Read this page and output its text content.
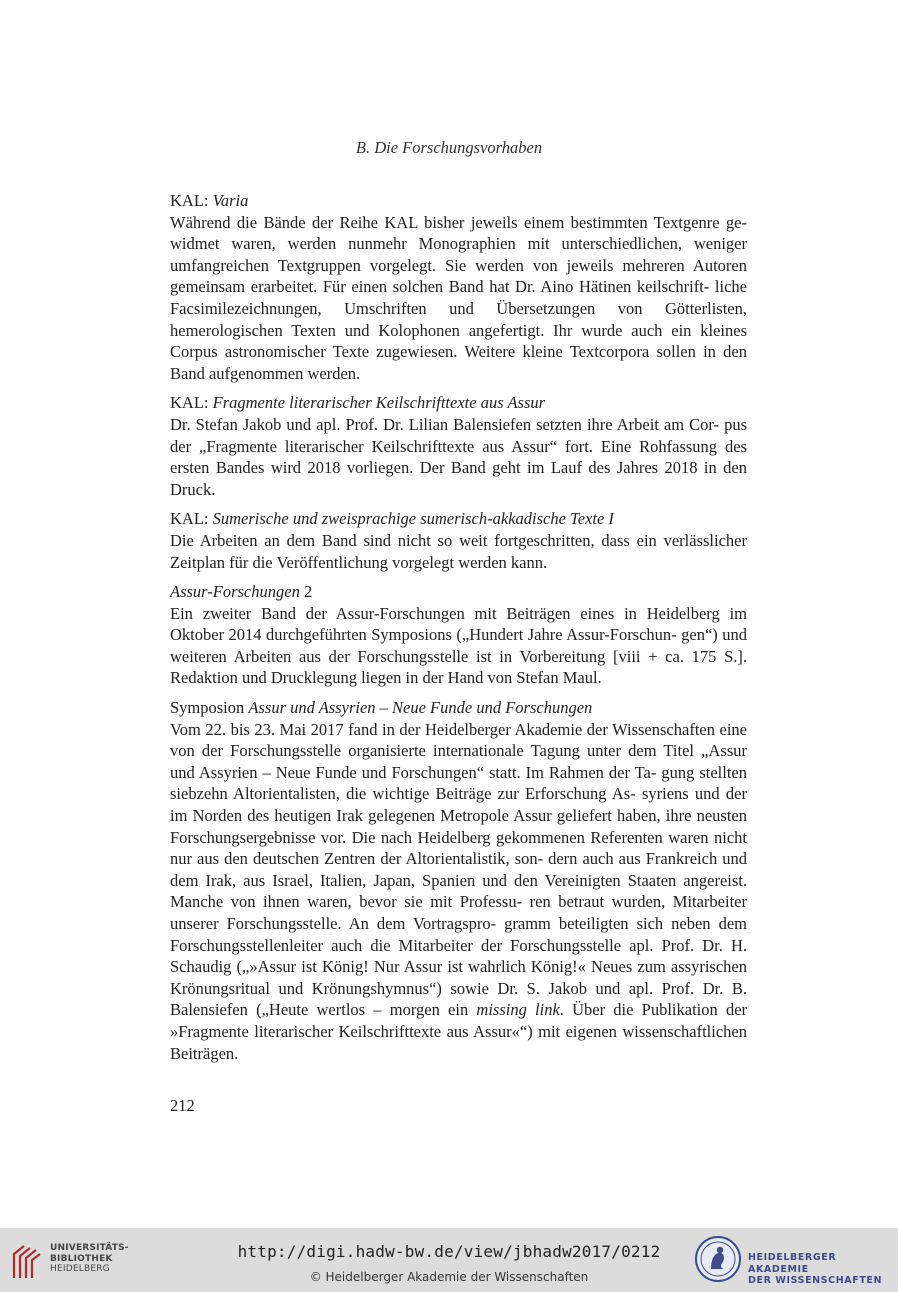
B. Die Forschungsvorhaben
KAL: Varia

Während die Bände der Reihe KAL bisher jeweils einem bestimmten Textgenre ge- widmet waren, werden nunmehr Monographien mit unterschiedlichen, weniger umfangreichen Textgruppen vorgelegt. Sie werden von jeweils mehreren Autoren gemeinsam erarbeitet. Für einen solchen Band hat Dr. Aino Hätinen keilschrift- liche Facsimilezeichnungen, Umschriften und Übersetzungen von Götterlisten, hemerologischen Texten und Kolophonen angefertigt. Ihr wurde auch ein kleines Corpus astronomischer Texte zugewiesen. Weitere kleine Textcorpora sollen in den Band aufgenommen werden.

KAL: Fragmente literarischer Keilschrifttexte aus Assur

Dr. Stefan Jakob und apl. Prof. Dr. Lilian Balensiefen setzten ihre Arbeit am Cor- pus der „Fragmente literarischer Keilschrifttexte aus Assur“ fort. Eine Rohfassung des ersten Bandes wird 2018 vorliegen. Der Band geht im Lauf des Jahres 2018 in den Druck.

KAL: Sumerische und zweisprachige sumerisch-akkadische Texte I

Die Arbeiten an dem Band sind nicht so weit fortgeschritten, dass ein verlässlicher Zeitplan für die Veröffentlichung vorgelegt werden kann.

Assur-Forschungen 2

Ein zweiter Band der Assur-Forschungen mit Beiträgen eines in Heidelberg im Oktober 2014 durchgeführten Symposions („Hundert Jahre Assur-Forschun- gen“) und weiteren Arbeiten aus der Forschungsstelle ist in Vorbereitung [viii + ca. 175 S.]. Redaktion und Drucklegung liegen in der Hand von Stefan Maul.

Symposion Assur und Assyrien – Neue Funde und Forschungen

Vom 22. bis 23. Mai 2017 fand in der Heidelberger Akademie der Wissenschaften eine von der Forschungsstelle organisierte internationale Tagung unter dem Titel „Assur und Assyrien – Neue Funde und Forschungen“ statt. Im Rahmen der Ta- gung stellten siebzehn Altorientalisten, die wichtige Beiträge zur Erforschung As- syriens und der im Norden des heutigen Irak gelegenen Metropole Assur geliefert haben, ihre neusten Forschungsergebnisse vor. Die nach Heidelberg gekommenen Referenten waren nicht nur aus den deutschen Zentren der Altorientalistik, son- dern auch aus Frankreich und dem Irak, aus Israel, Italien, Japan, Spanien und den Vereinigten Staaten angereist. Manche von ihnen waren, bevor sie mit Professu- ren betraut wurden, Mitarbeiter unserer Forschungsstelle. An dem Vortragspro- gramm beteiligten sich neben dem Forschungsstellenleiter auch die Mitarbeiter der Forschungsstelle apl. Prof. Dr. H. Schaudig („»Assur ist König! Nur Assur ist wahrlich König!« Neues zum assyrischen Krönungsritual und Krönungshymnus“) sowie Dr. S. Jakob und apl. Prof. Dr. B. Balensiefen („Heute wertlos – morgen ein missing link. Über die Publikation der »Fragmente literarischer Keilschrifttexte aus Assur«“) mit eigenen wissenschaftlichen Beiträgen.

212
UNIVERSITÄTS-
BIBLIOTHEK
HEIDELBERG
http://digi.hadw-bw.de/view/jbhadw2017/0212
© Heidelberger Akademie der Wissenschaften
HEIDELBERGER AKADEMIE
DER WISSENSCHAFTEN
